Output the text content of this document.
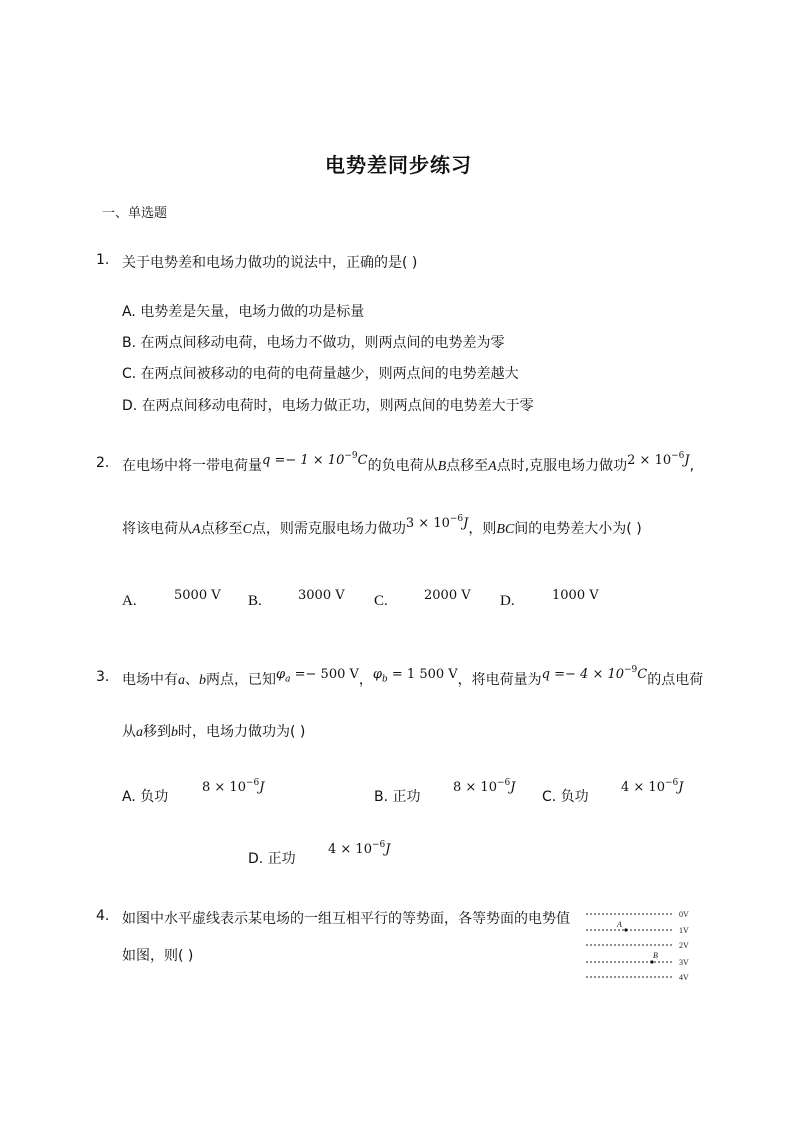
电势差同步练习
一、单选题
1. 关于电势差和电场力做功的说法中，正确的是( )
A. 电势差是矢量，电场力做的功是标量
B. 在两点间移动电荷，电场力不做功，则两点间的电势差为零
C. 在两点间被移动的电荷的电荷量越少，则两点间的电势差越大
D. 在两点间移动电荷时，电场力做正功，则两点间的电势差大于零
2. 在电场中将一带电荷量$q =- 1 \times 10^{-9}C$的负电荷从B点移至A点时,克服电场力做功$2 \times 10^{-6}J$,
将该电荷从A点移至C点，则需克服电场力做功$3 \times 10^{-6}J$，则BC间的电势差大小为( )
A.	5000 V B.	3000 V C.	2000 V D.	1000 V
3. 电场中有a、b两点，已知$\varphi_a =- 500$ V，$\varphi_b = 1$ 500 V，将电荷量为$q =- 4 \times 10^{-9}C$的点电荷
从a移到b时，电场力做功为( )
A. 负功
$8 \times 10^{-6}J$
B. 正功
$8 \times 10^{-6}J$
C. 负功
$4 \times 10^{-6}J$
D. 正功
$4 \times 10^{-6}J$
4. 如图中水平虚线表示某电场的一组互相平行的等势面，各等势面的电势值
如图，则( )
0V
1V
2V
3V
4V
A
B
